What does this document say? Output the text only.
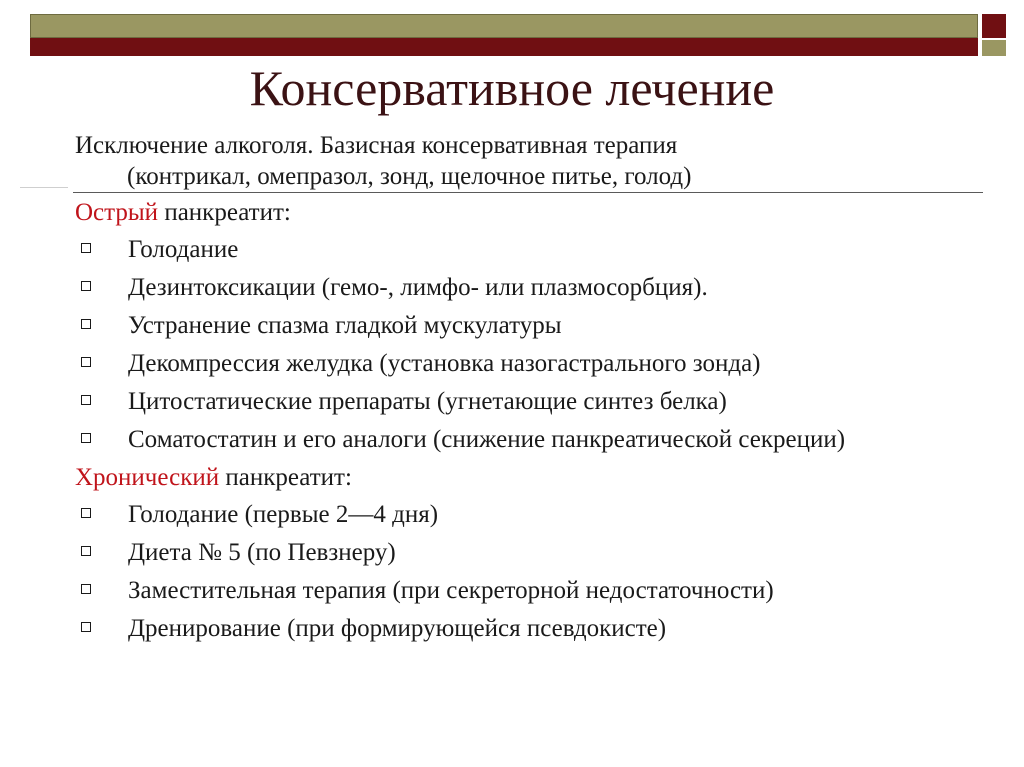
Консервативное лечение
Исключение алкоголя. Базисная консервативная терапия
(контрикал, омепразол, зонд, щелочное питье, голод)
Острый панкреатит:
Голодание
Дезинтоксикации (гемо-, лимфо- или плазмосорбция).
Устранение спазма гладкой мускулатуры
Декомпрессия желудка (установка назогастрального зонда)
Цитостатические препараты (угнетающие синтез белка)
Соматостатин и его аналоги (снижение панкреатической секреции)
Хронический панкреатит:
Голодание (первые 2—4 дня)
Диета № 5 (по Певзнеру)
Заместительная терапия (при секреторной недостаточности)
Дренирование (при формирующейся псевдокисте)
